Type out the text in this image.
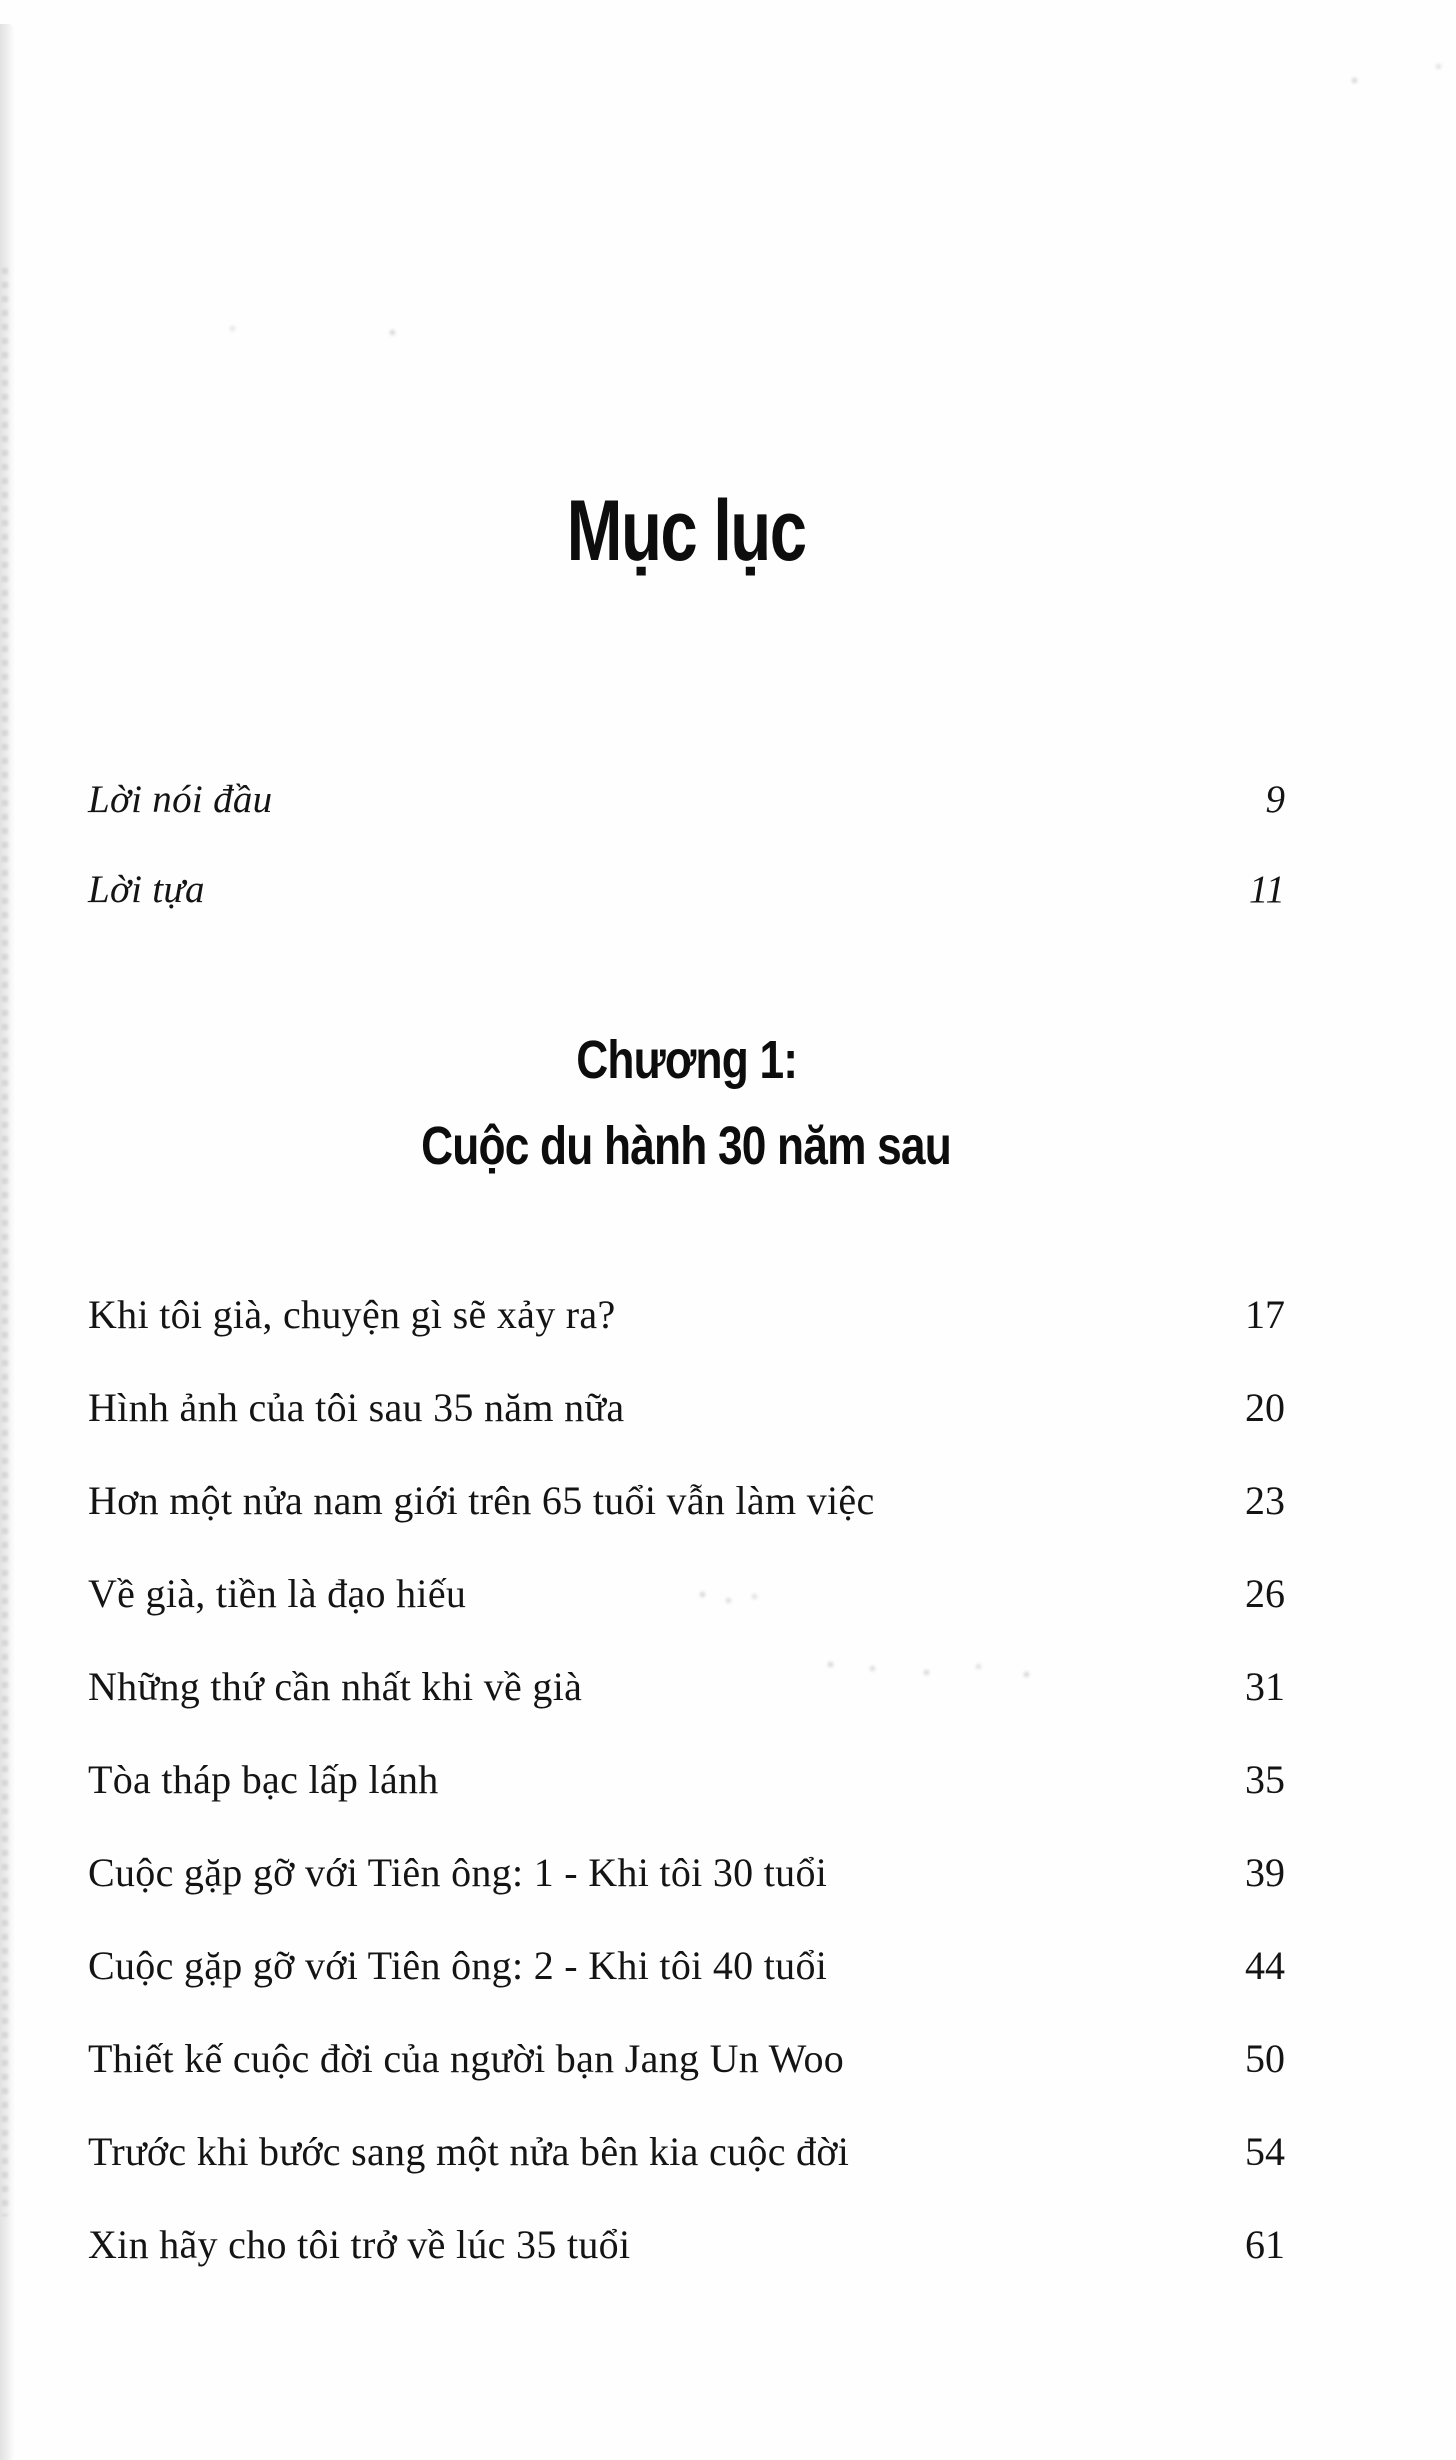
Mục lục
Lời nói đầu	9
Lời tựa	11
Chương 1:
Cuộc du hành 30 năm sau
Khi tôi già, chuyện gì sẽ xảy ra?	17
Hình ảnh của tôi sau 35 năm nữa	20
Hơn một nửa nam giới trên 65 tuổi vẫn làm việc	23
Về già, tiền là đạo hiếu	26
Những thứ cần nhất khi về già	31
Tòa tháp bạc lấp lánh	35
Cuộc gặp gỡ với Tiên ông: 1 - Khi tôi 30 tuổi	39
Cuộc gặp gỡ với Tiên ông: 2 - Khi tôi 40 tuổi	44
Thiết kế cuộc đời của người bạn Jang Un Woo	50
Trước khi bước sang một nửa bên kia cuộc đời	54
Xin hãy cho tôi trở về lúc 35 tuổi	61
